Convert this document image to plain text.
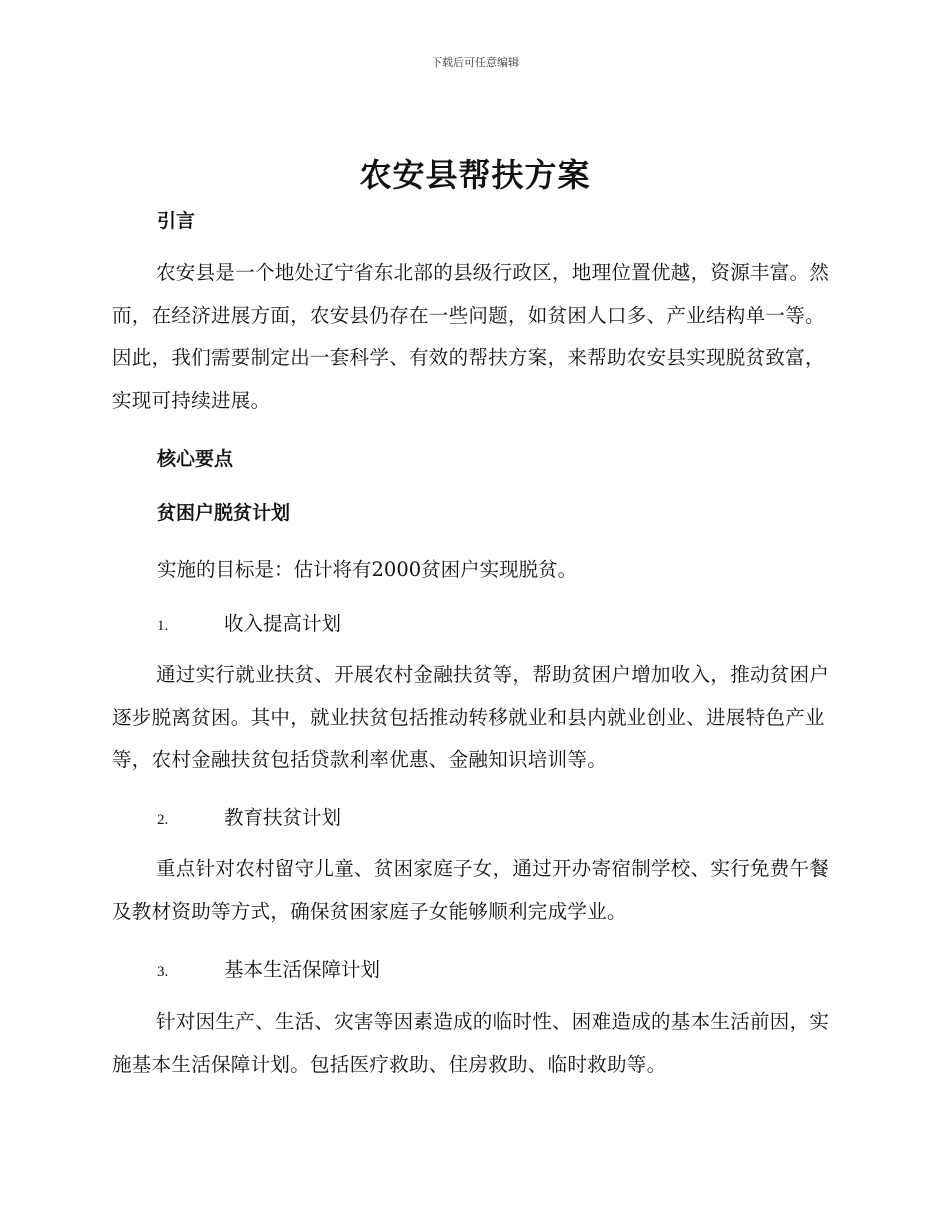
下载后可任意编辑
农安县帮扶方案
引言

农安县是一个地处辽宁省东北部的县级行政区，地理位置优越，资源丰富。然而，在经济进展方面，农安县仍存在一些问题，如贫困人口多、产业结构单一等。因此，我们需要制定出一套科学、有效的帮扶方案，来帮助农安县实现脱贫致富，实现可持续进展。

核心要点
贫困户脱贫计划
实施的目标是：估计将有2000贫困户实现脱贫。
1.	收入提高计划

通过实行就业扶贫、开展农村金融扶贫等，帮助贫困户增加收入，推动贫困户逐步脱离贫困。其中，就业扶贫包括推动转移就业和县内就业创业、进展特色产业等，农村金融扶贫包括贷款利率优惠、金融知识培训等。

2.	教育扶贫计划

重点针对农村留守儿童、贫困家庭子女，通过开办寄宿制学校、实行免费午餐及教材资助等方式，确保贫困家庭子女能够顺利完成学业。

3.	基本生活保障计划

针对因生产、生活、灾害等因素造成的临时性、困难造成的基本生活前因，实施基本生活保障计划。包括医疗救助、住房救助、临时救助等。
